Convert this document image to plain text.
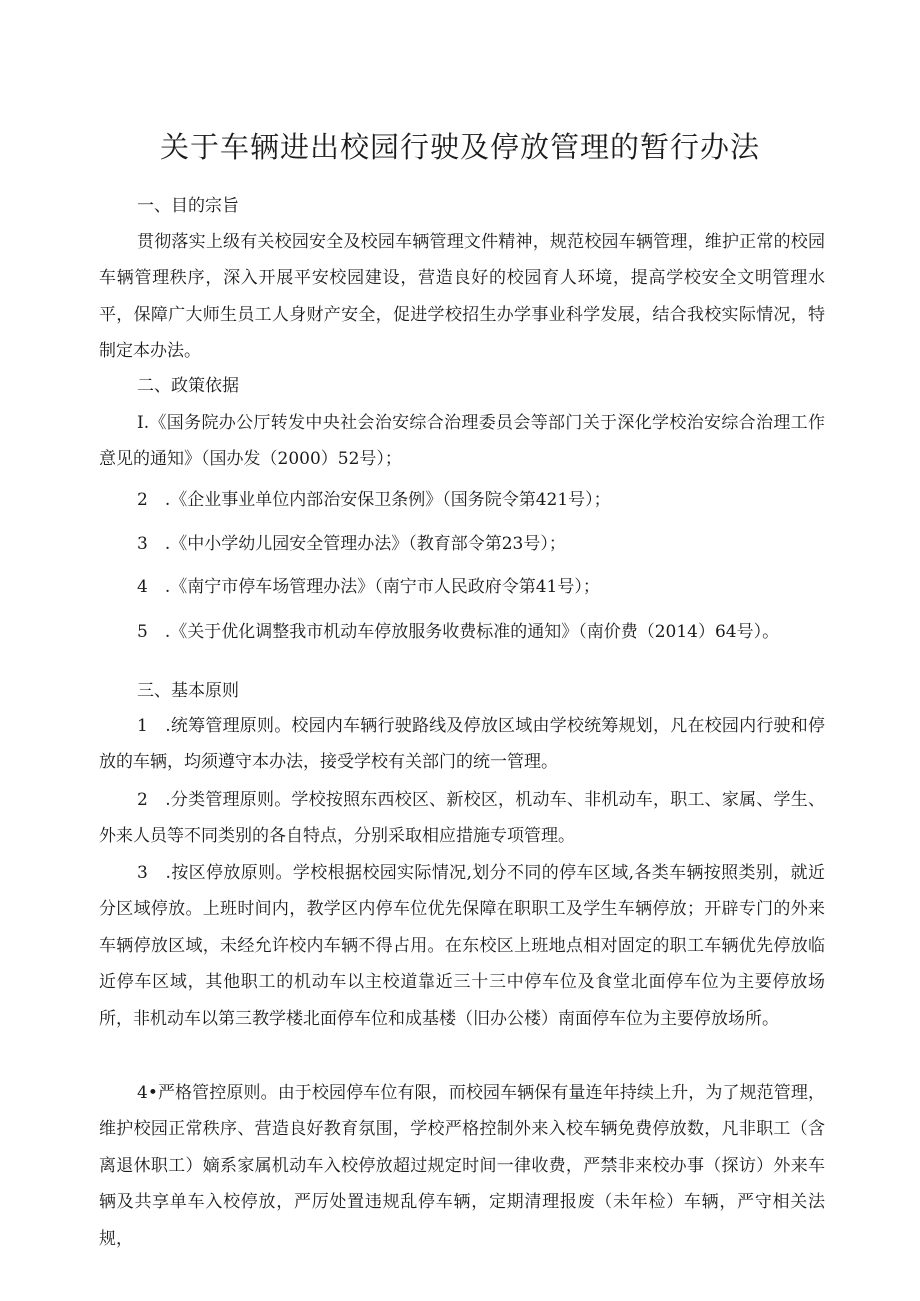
关于车辆进出校园行驶及停放管理的暂行办法
一、目的宗旨

贯彻落实上级有关校园安全及校园车辆管理文件精神，规范校园车辆管理，维护正常的校园车辆管理秩序，深入开展平安校园建设，营造良好的校园育人环境，提高学校安全文明管理水平，保障广大师生员工人身财产安全，促进学校招生办学事业科学发展，结合我校实际情况，特制定本办法。

二、政策依据

I.《国务院办公厅转发中央社会治安综合治理委员会等部门关于深化学校治安综合治理工作意见的通知》（国办发（2000）52号）；

2　.《企业事业单位内部治安保卫条例》（国务院令第421号）；
3　.《中小学幼儿园安全管理办法》（教育部令第23号）；
4　.《南宁市停车场管理办法》（南宁市人民政府令第41号）；
5　.《关于优化调整我市机动车停放服务收费标准的通知》（南价费（2014）64号）。
三、基本原则

1　.统筹管理原则。校园内车辆行驶路线及停放区域由学校统筹规划，凡在校园内行驶和停放的车辆，均须遵守本办法，接受学校有关部门的统一管理。

2　.分类管理原则。学校按照东西校区、新校区，机动车、非机动车，职工、家属、学生、外来人员等不同类别的各自特点，分别采取相应措施专项管理。

3　.按区停放原则。学校根据校园实际情况,划分不同的停车区域,各类车辆按照类别，就近分区域停放。上班时间内，教学区内停车位优先保障在职职工及学生车辆停放；开辟专门的外来车辆停放区域，未经允许校内车辆不得占用。在东校区上班地点相对固定的职工车辆优先停放临近停车区域，其他职工的机动车以主校道靠近三十三中停车位及食堂北面停车位为主要停放场所，非机动车以第三教学楼北面停车位和成基楼（旧办公楼）南面停车位为主要停放场所。

4•严格管控原则。由于校园停车位有限，而校园车辆保有量连年持续上升，为了规范管理，维护校园正常秩序、营造良好教育氛围，学校严格控制外来入校车辆免费停放数，凡非职工（含离退休职工）嫡系家属机动车入校停放超过规定时间一律收费，严禁非来校办事（探访）外来车辆及共享单车入校停放，严厉处置违规乱停车辆，定期清理报废（未年检）车辆，严守相关法规，
